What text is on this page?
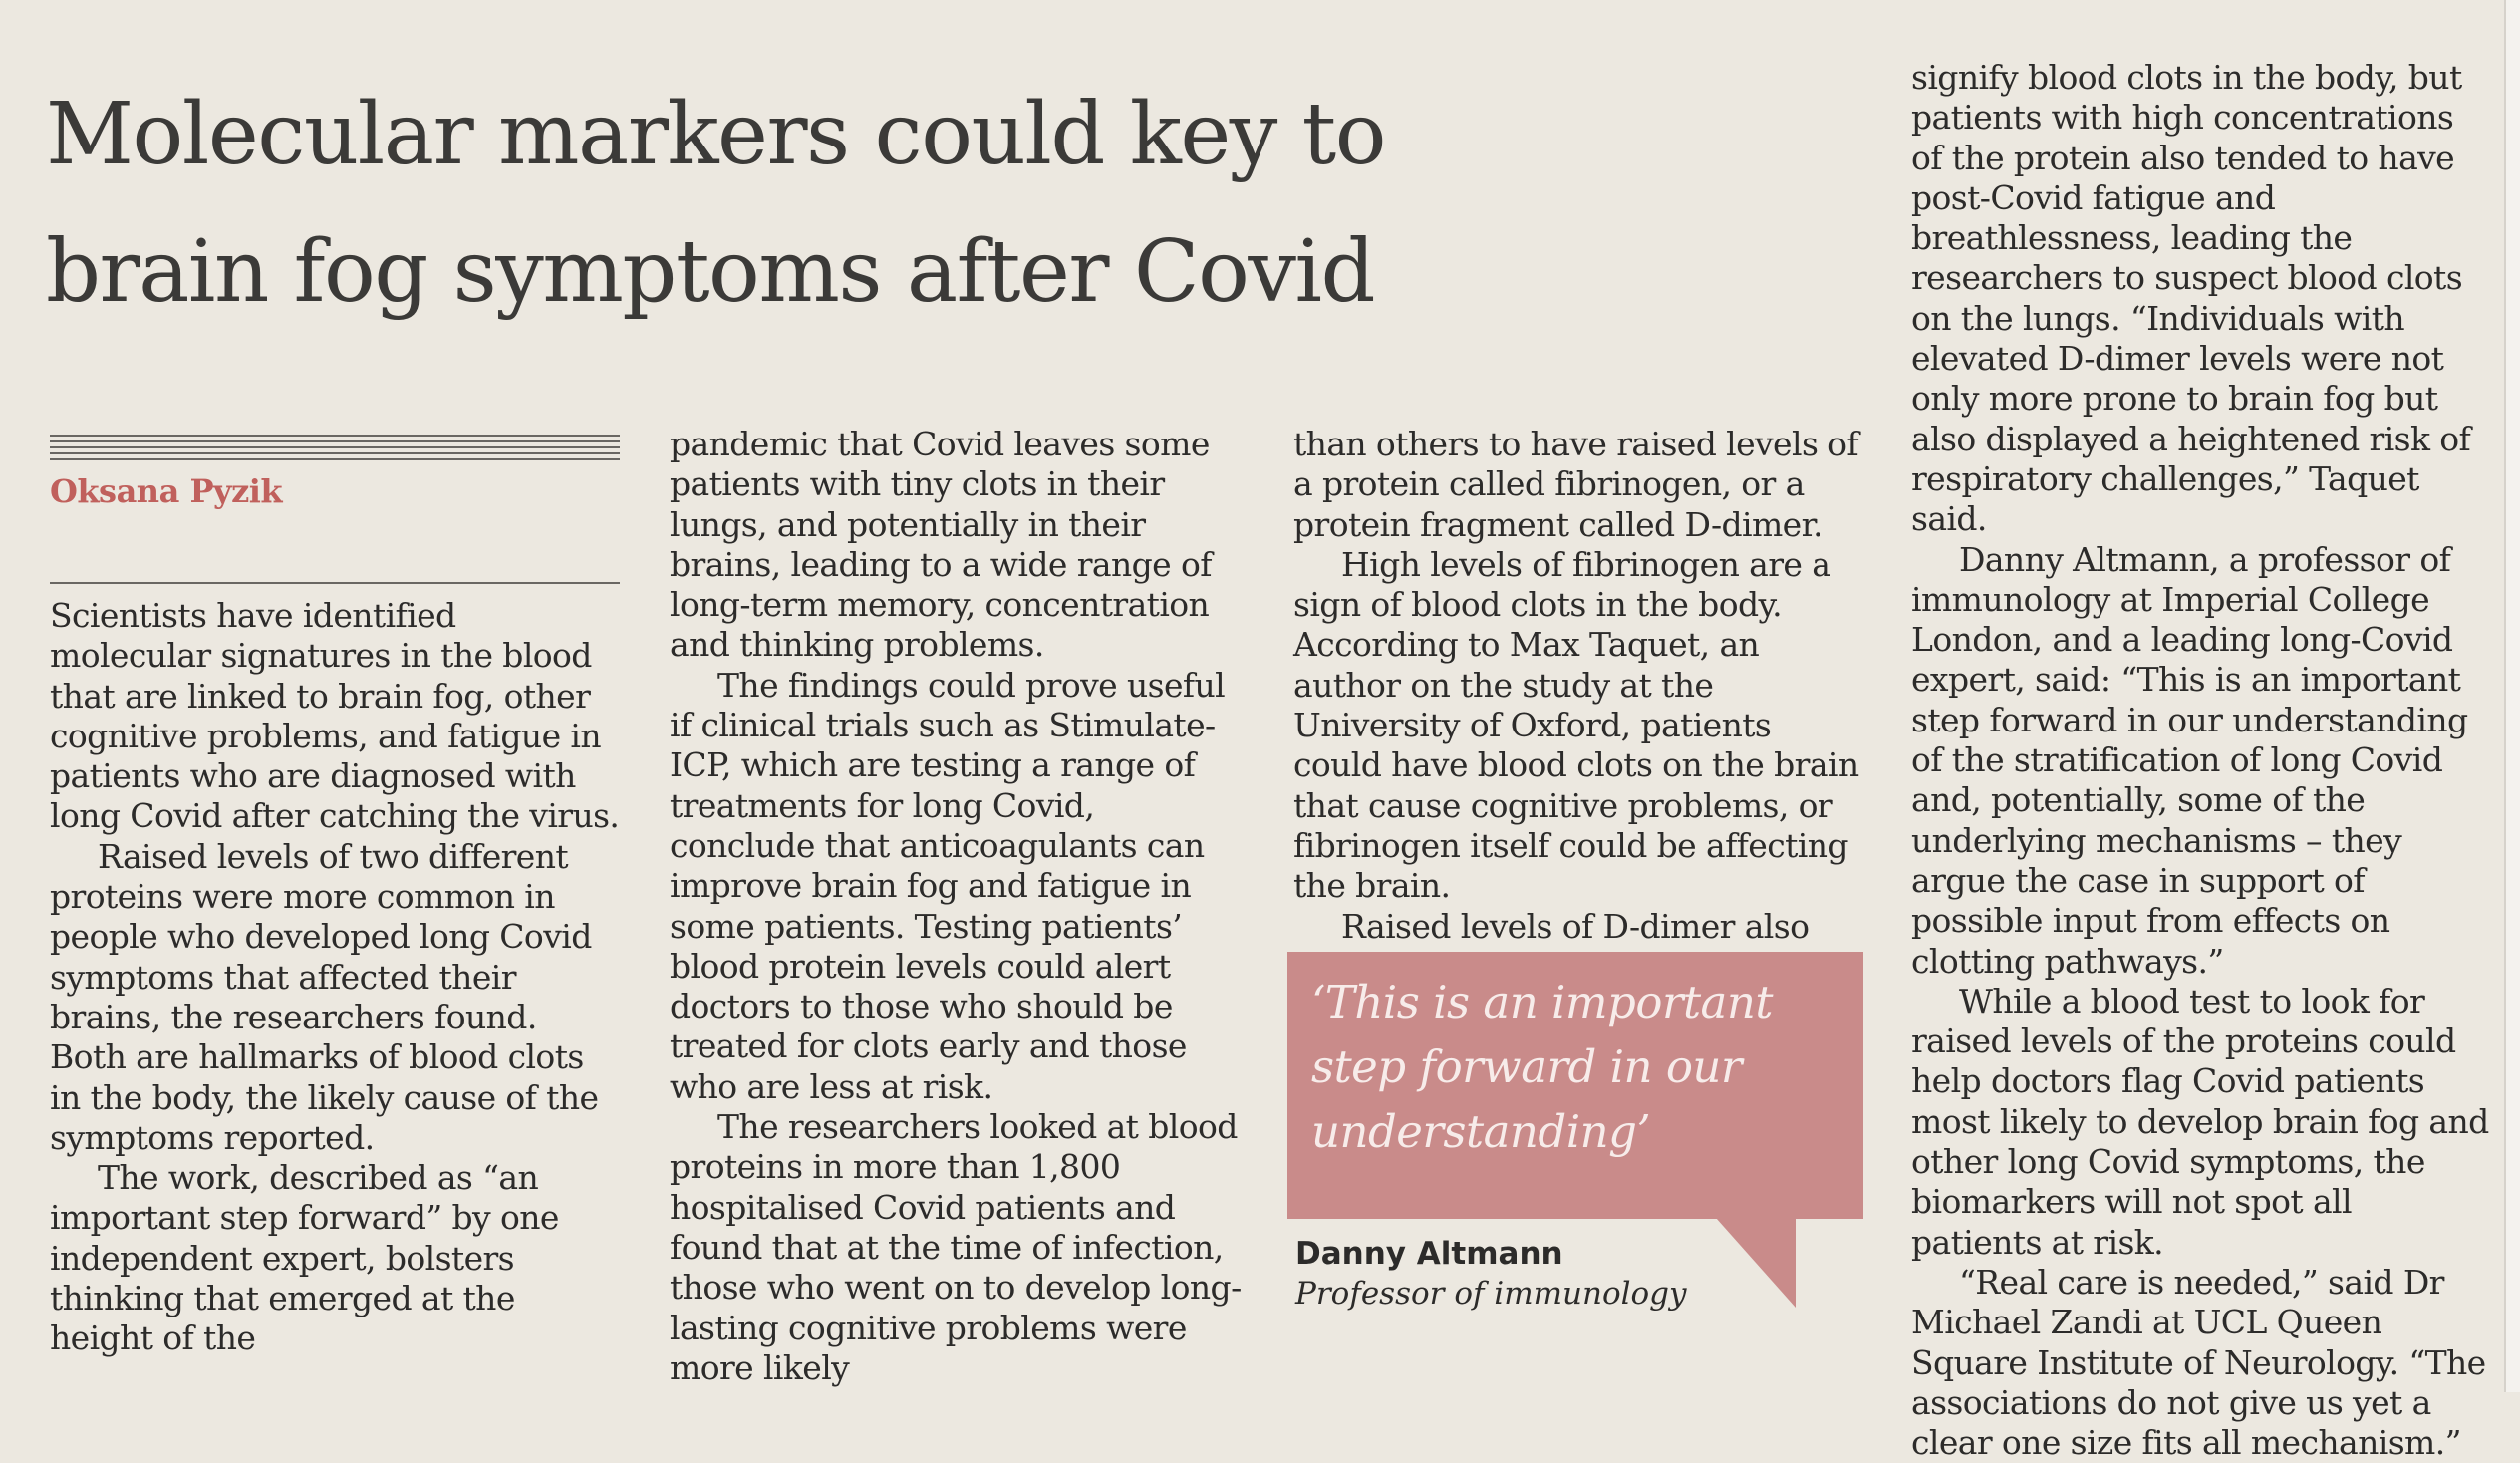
Molecular markers could key to
brain fog symptoms after Covid

Oksana Pyzik

Scientists have identified molecular signatures in the blood that are linked to brain fog, other cognitive problems, and fatigue in patients who are diagnosed with long Covid after catching the virus.

Raised levels of two different proteins were more common in people who developed long Covid symptoms that affected their brains, the researchers found. Both are hallmarks of blood clots in the body, the likely cause of the symptoms reported.

The work, described as “an important step forward” by one independent expert, bolsters thinking that emerged at the height of the

pandemic that Covid leaves some patients with tiny clots in their lungs, and potentially in their brains, leading to a wide range of long-term memory, concentration and thinking problems.

The findings could prove useful if clinical trials such as Stimulate-ICP, which are testing a range of treatments for long Covid, conclude that anticoagulants can improve brain fog and fatigue in some patients. Testing patients’ blood protein levels could alert doctors to those who should be treated for clots early and those who are less at risk.

The researchers looked at blood proteins in more than 1,800 hospitalised Covid patients and found that at the time of infection, those who went on to develop long-lasting cognitive problems were more likely

than others to have raised levels of a protein called fibrinogen, or a protein fragment called D-dimer.

High levels of fibrinogen are a sign of blood clots in the body. According to Max Taquet, an author on the study at the University of Oxford, patients could have blood clots on the brain that cause cognitive problems, or fibrinogen itself could be affecting the brain.

Raised levels of D-dimer also

‘This is an important step forward in our understanding’

Danny Altmann

Professor of immunology

signify blood clots in the body, but patients with high concentrations of the protein also tended to have post-Covid fatigue and breathlessness, leading the researchers to suspect blood clots on the lungs. “Individuals with elevated D-dimer levels were not only more prone to brain fog but also displayed a heightened risk of respiratory challenges,” Taquet said.

Danny Altmann, a professor of immunology at Imperial College London, and a leading long-Covid expert, said: “This is an important step forward in our understanding of the stratification of long Covid and, potentially, some of the underlying mechanisms – they argue the case in support of possible input from effects on clotting pathways.”

While a blood test to look for raised levels of the proteins could help doctors flag Covid patients most likely to develop brain fog and other long Covid symptoms, the biomarkers will not spot all patients at risk.

“Real care is needed,” said Dr Michael Zandi at UCL Queen Square Institute of Neurology. “The associations do not give us yet a clear one size fits all mechanism.”
